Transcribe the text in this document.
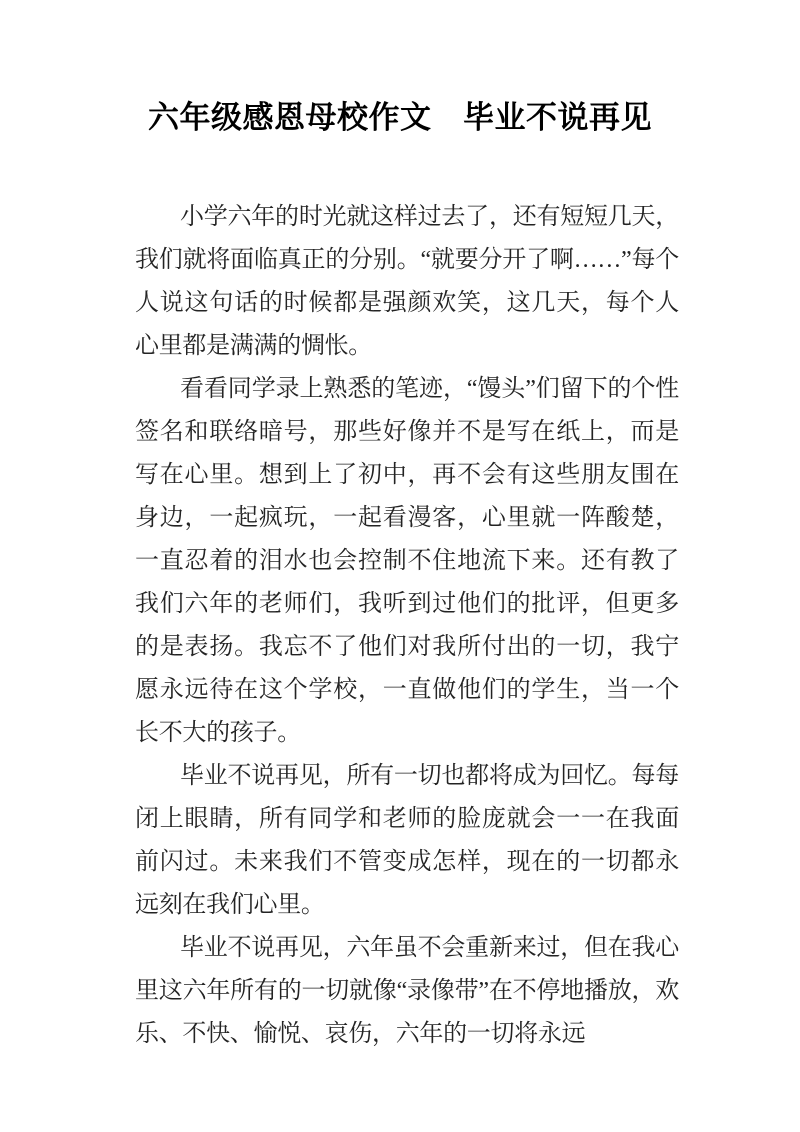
六年级感恩母校作文　毕业不说再见

小学六年的时光就这样过去了，还有短短几天，我们就将面临真正的分别。“就要分开了啊……”每个人说这句话的时候都是强颜欢笑，这几天，每个人心里都是满满的惆怅。

看看同学录上熟悉的笔迹，“馒头”们留下的个性签名和联络暗号，那些好像并不是写在纸上，而是写在心里。想到上了初中，再不会有这些朋友围在身边，一起疯玩，一起看漫客，心里就一阵酸楚，一直忍着的泪水也会控制不住地流下来。还有教了我们六年的老师们，我听到过他们的批评，但更多的是表扬。我忘不了他们对我所付出的一切，我宁愿永远待在这个学校，一直做他们的学生，当一个长不大的孩子。

毕业不说再见，所有一切也都将成为回忆。每每闭上眼睛，所有同学和老师的脸庞就会一一在我面前闪过。未来我们不管变成怎样，现在的一切都永远刻在我们心里。

毕业不说再见，六年虽不会重新来过，但在我心里这六年所有的一切就像“录像带”在不停地播放，欢乐、不快、愉悦、哀伤，六年的一切将永远
